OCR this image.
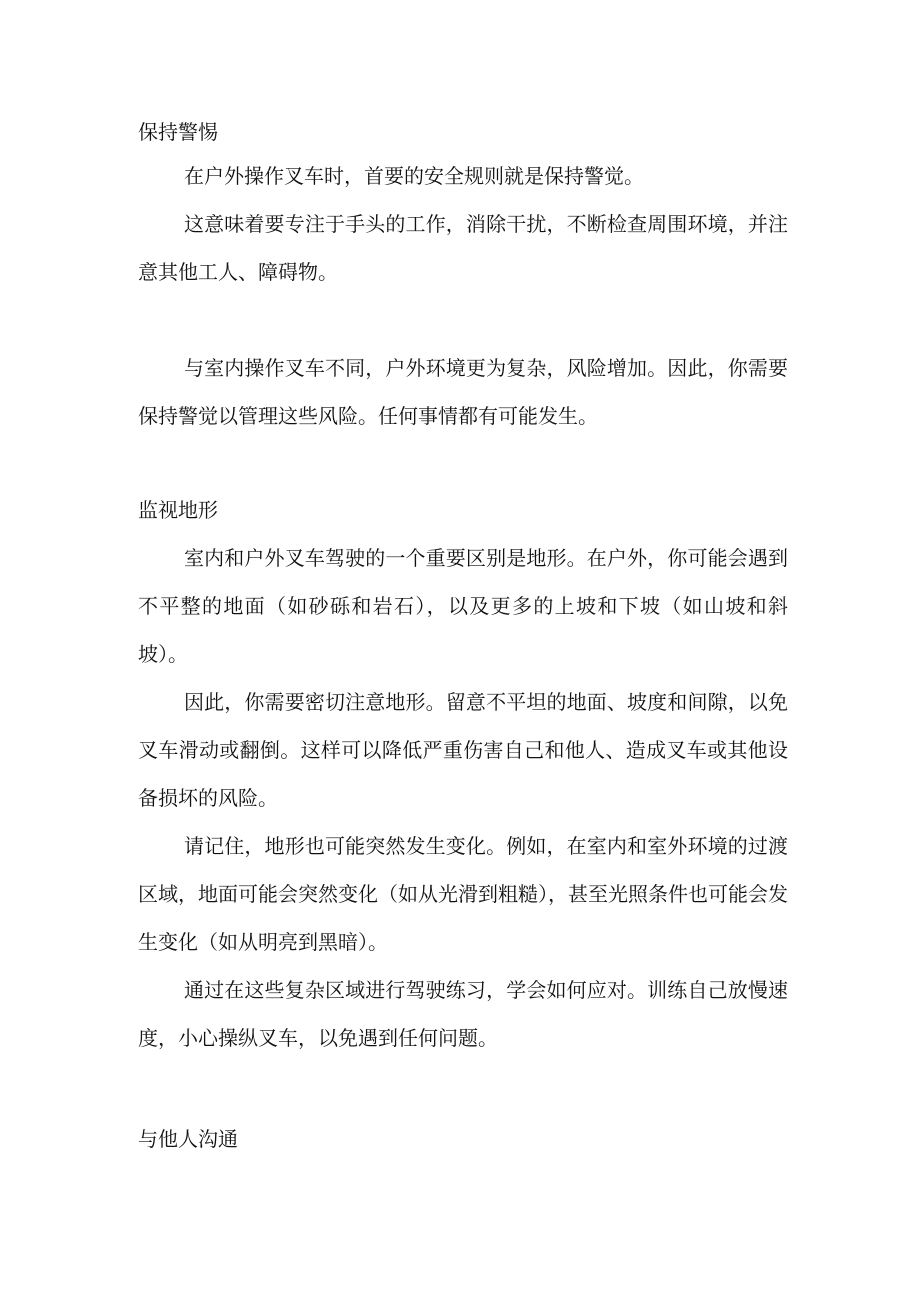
保持警惕

在户外操作叉车时，首要的安全规则就是保持警觉。

这意味着要专注于手头的工作，消除干扰，不断检查周围环境，并注意其他工人、障碍物。

与室内操作叉车不同，户外环境更为复杂，风险增加。因此，你需要保持警觉以管理这些风险。任何事情都有可能发生。

监视地形

室内和户外叉车驾驶的一个重要区别是地形。在户外，你可能会遇到不平整的地面（如砂砾和岩石），以及更多的上坡和下坡（如山坡和斜坡）。

因此，你需要密切注意地形。留意不平坦的地面、坡度和间隙，以免叉车滑动或翻倒。这样可以降低严重伤害自己和他人、造成叉车或其他设备损坏的风险。

请记住，地形也可能突然发生变化。例如，在室内和室外环境的过渡区域，地面可能会突然变化（如从光滑到粗糙），甚至光照条件也可能会发生变化（如从明亮到黑暗）。

通过在这些复杂区域进行驾驶练习，学会如何应对。训练自己放慢速度，小心操纵叉车，以免遇到任何问题。

与他人沟通
